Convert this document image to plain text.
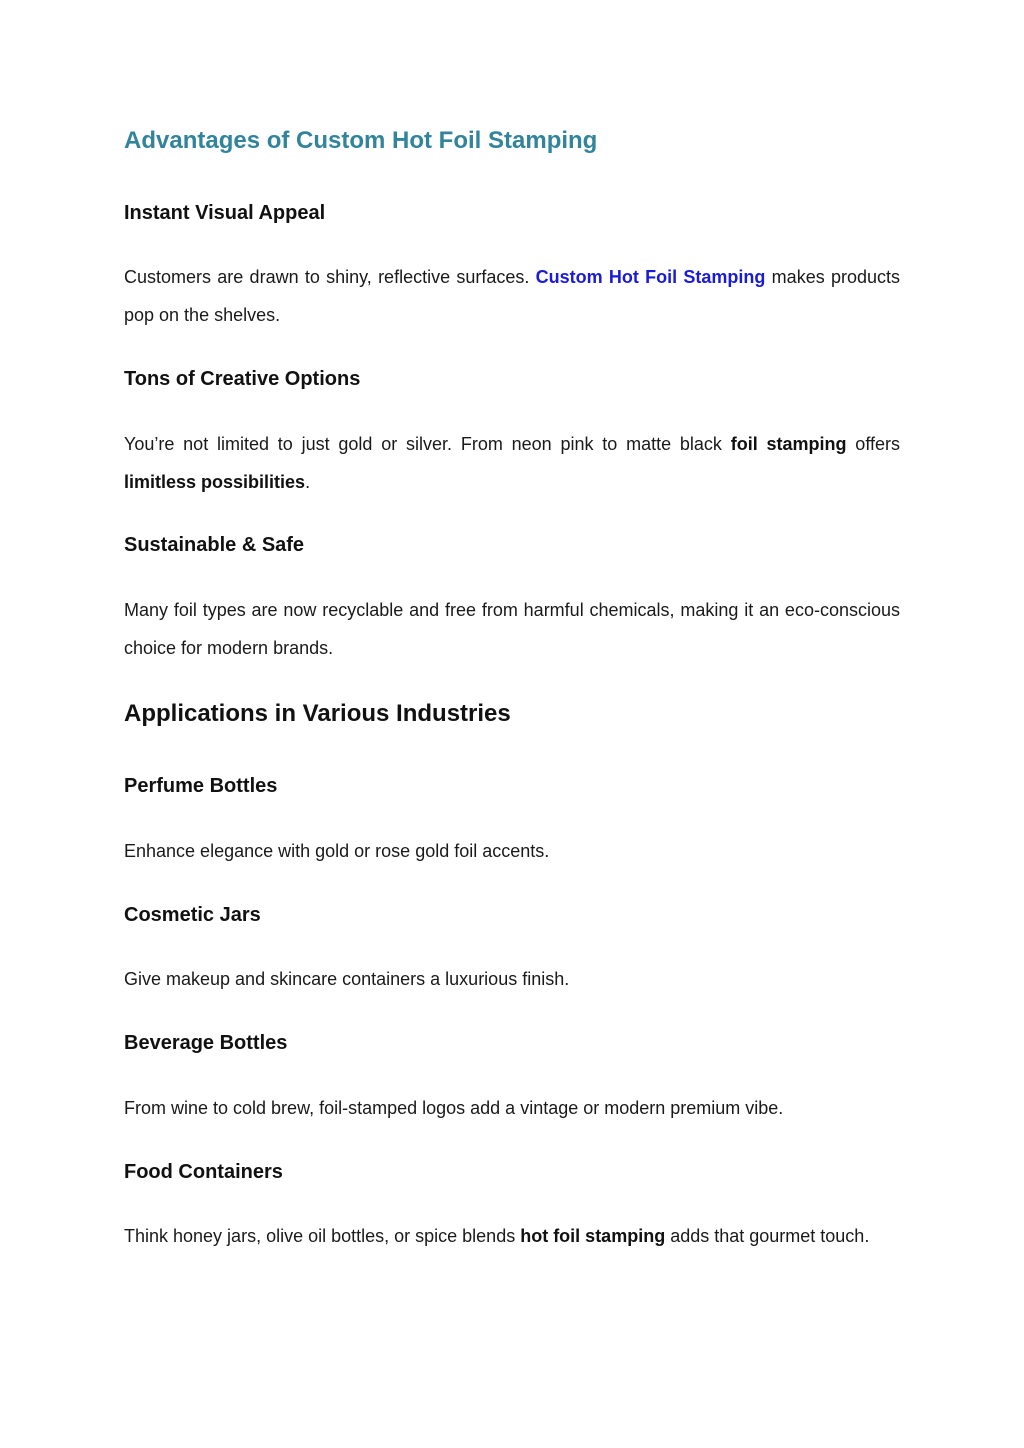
Advantages of Custom Hot Foil Stamping
Instant Visual Appeal

Customers are drawn to shiny, reflective surfaces. Custom Hot Foil Stamping makes products pop on the shelves.

Tons of Creative Options

You’re not limited to just gold or silver. From neon pink to matte black foil stamping offers limitless possibilities.

Sustainable & Safe

Many foil types are now recyclable and free from harmful chemicals, making it an eco-conscious choice for modern brands.

Applications in Various Industries
Perfume Bottles

Enhance elegance with gold or rose gold foil accents.

Cosmetic Jars

Give makeup and skincare containers a luxurious finish.

Beverage Bottles

From wine to cold brew, foil-stamped logos add a vintage or modern premium vibe.

Food Containers

Think honey jars, olive oil bottles, or spice blends hot foil stamping adds that gourmet touch.
